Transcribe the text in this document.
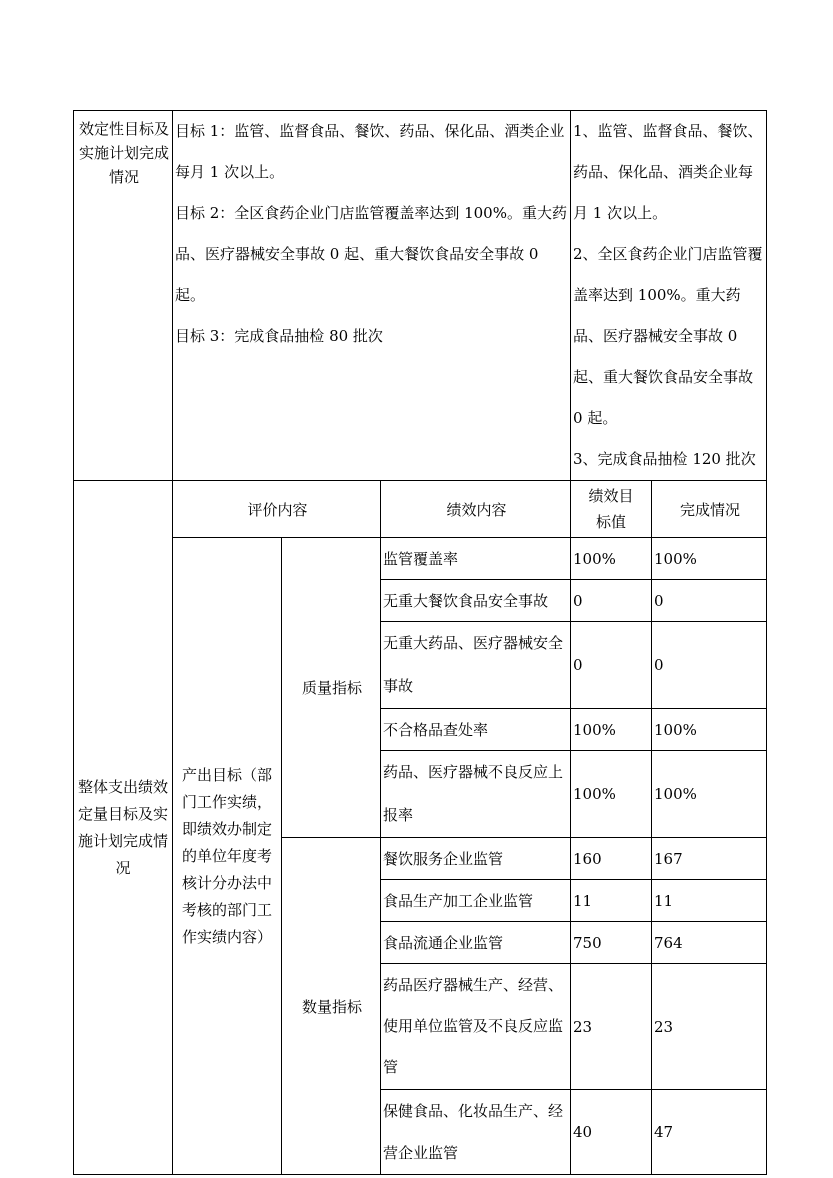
效定性目标及实施计划完成情况	目标 1：监管、监督食品、餐饮、药品、保化品、酒类企业每月 1 次以上。
目标 2：全区食药企业门店监管覆盖率达到 100%。重大药品、医疗器械安全事故 0 起、重大餐饮食品安全事故 0 起。
目标 3：完成食品抽检 80 批次			1、监管、监督食品、餐饮、药品、保化品、酒类企业每月 1 次以上。
2、全区食药企业门店监管覆盖率达到 100%。重大药品、医疗器械安全事故 0 起、重大餐饮食品安全事故 0 起。
3、完成食品抽检 120 批次	

整体支出绩效定量目标及实施计划完成情况	评价内容		绩效内容	绩效目标值	完成情况
	产出目标（部门工作实绩，即绩效办制定的单位年度考核计分办法中考核的部门工作实绩内容）	质量指标	监管覆盖率	100%	100%
			无重大餐饮食品安全事故	0	0
			无重大药品、医疗器械安全事故	0	0
			不合格品查处率	100%	100%
			药品、医疗器械不良反应上报率	100%	100%
		数量指标	餐饮服务企业监管	160	167
			食品生产加工企业监管	11	11
			食品流通企业监管	750	764
			药品医疗器械生产、经营、使用单位监管及不良反应监管	23	23
			保健食品、化妆品生产、经营企业监管	40	47
